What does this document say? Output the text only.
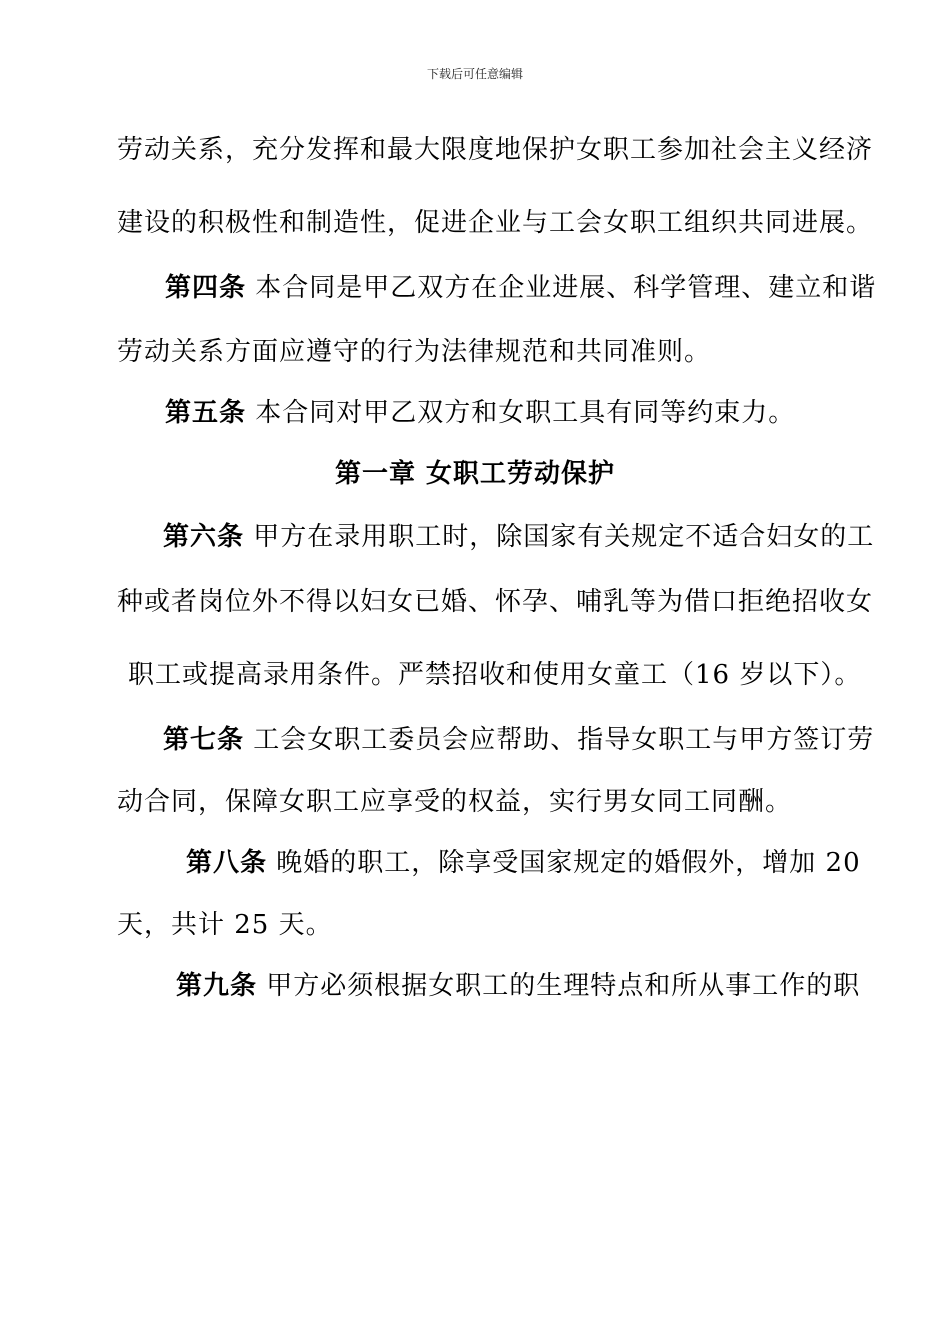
下载后可任意编辑
劳动关系，充分发挥和最大限度地保护女职工参加社会主义经济
建设的积极性和制造性，促进企业与工会女职工组织共同进展。
第四条 本合同是甲乙双方在企业进展、科学管理、建立和谐
劳动关系方面应遵守的行为法律规范和共同准则。
第五条 本合同对甲乙双方和女职工具有同等约束力。
第一章 女职工劳动保护
第六条 甲方在录用职工时，除国家有关规定不适合妇女的工
种或者岗位外不得以妇女已婚、怀孕、哺乳等为借口拒绝招收女
职工或提高录用条件。严禁招收和使用女童工（16 岁以下）。
第七条 工会女职工委员会应帮助、指导女职工与甲方签订劳
动合同，保障女职工应享受的权益，实行男女同工同酬。
第八条 晚婚的职工，除享受国家规定的婚假外，增加 20
天，共计 25 天。
第九条 甲方必须根据女职工的生理特点和所从事工作的职
